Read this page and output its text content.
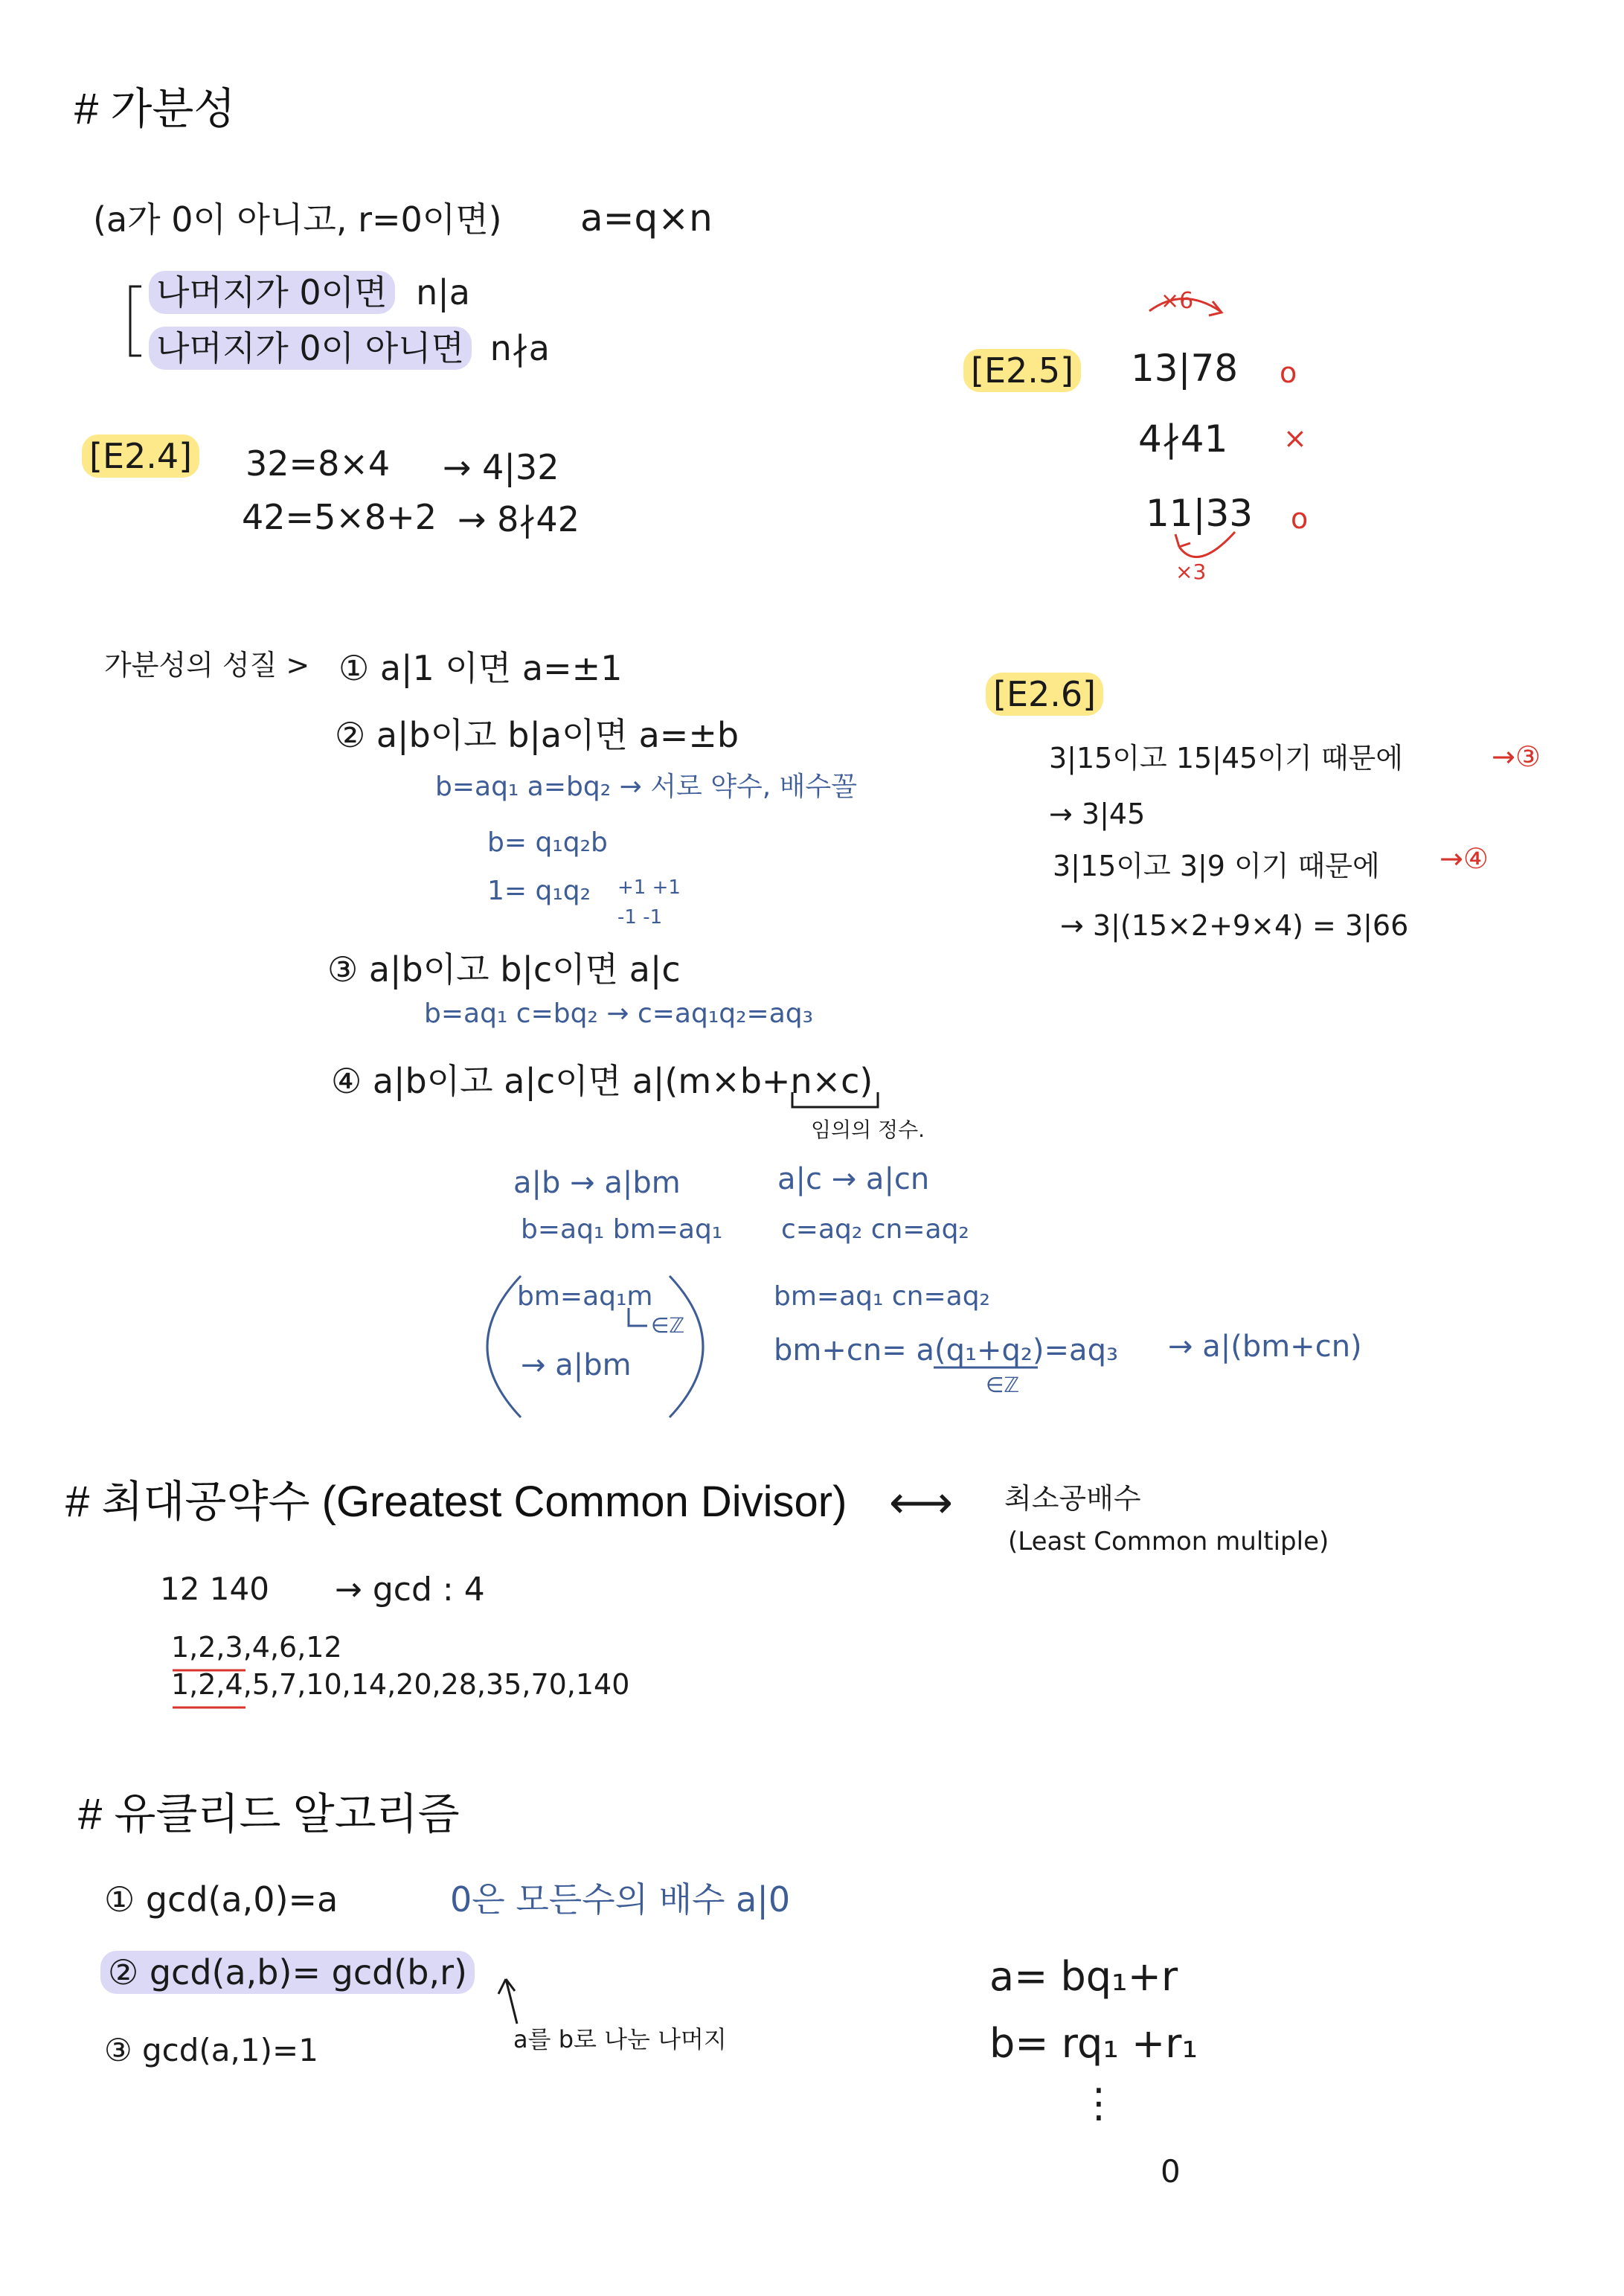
# 가분성
(a가 0이 아니고, r=0이면) a=q×n
나머지가 0이면 n|a
나머지가 0이 아니면 n∤a
[E2.4] 32=8×4 → 4|32
42=5×8+2 → 8∤42
×6
[E2.5] 13|78 o
4∤41 ×
11|33 o
×3
가분성의 성질 > ① a|1 이면 a=±1
② a|b이고 b|a이면 a=±b
b=aq₁ a=bq₂ → 서로 약수, 배수꼴
b= q₁q₂b
1= q₁q₂ +1 +1
-1 -1
③ a|b이고 b|c이면 a|c
b=aq₁ c=bq₂ → c=aq₁q₂=aq₃
④ a|b이고 a|c이면 a|(m×b+n×c)
임의의 정수.
a|b → a|bm	a|c → a|cn
b=aq₁ bm=aq₁ c=aq₂ cn=aq₂
bm=aq₁m
∈ℤ
→ a|bm
bm=aq₁ cn=aq₂
bm+cn= a(q₁+q₂)=aq₃
∈ℤ
→ a|(bm+cn)
[E2.6]
3|15이고 15|45이기 때문에	→③
→ 3|45
3|15이고 3|9 이기 때문에 →④
→ 3|(15×2+9×4) = 3|66
# 최대공약수 (Greatest Common Divisor) ⟷ 최소공배수
(Least Common multiple)
12 140 → gcd : 4
1,2,3,4,6,12
1,2,4,5,7,10,14,20,28,35,70,140
# 유클리드 알고리즘
① gcd(a,0)=a	0은 모든수의 배수 a|0
② gcd(a,b)= gcd(b,r)
a를 b로 나눈 나머지
③ gcd(a,1)=1
a= bq₁+r
b= rq₁ +r₁
⋮
0
